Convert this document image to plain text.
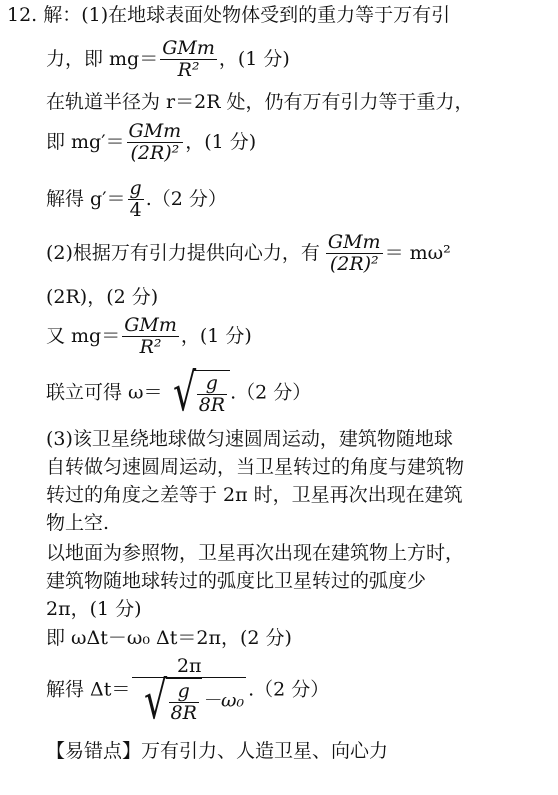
12. 解：(1)在地球表面处物体受到的重力等于万有引
力，即 $mg= \frac{\text{GMm}}{\text{R²}}$ ，(1 分)
在轨道半径为 r＝2R 处，仍有万有引力等于重力，
即 $mg'= \frac{\text{GMm}}{\text{(2R)²}}$ ，(1 分)
解得 $g'= \frac{g}{4} .(2$ 分）
(2)根据万有引力提供向心力，有 $\frac{\text{GMm}}{\text{(2R)²}} = m\omega^2$
(2R)，(2 分)
又 $mg= \frac{\text{GMm}}{\text{R²}}$ ，(1 分)
联立可得 ω＝ √ $\frac{g}{8R} .(2$ 分）
(3)该卫星绕地球做匀速圆周运动，建筑物随地球
自转做匀速圆周运动，当卫星转过的角度与建筑物
转过的角度之差等于 2π 时，卫星再次出现在建筑
物上空.
以地面为参照物，卫星再次出现在建筑物上方时，
建筑物随地球转过的弧度比卫星转过的弧度少
2π，(1 分)
即 ωΔt－ω₀ Δt＝2π，(2 分)
解得 $\Delta t= \frac{2\pi}{√ \frac{g}{8R} -\omega_0} .(2$ 分）
【易错点】万有引力、人造卫星、向心力
